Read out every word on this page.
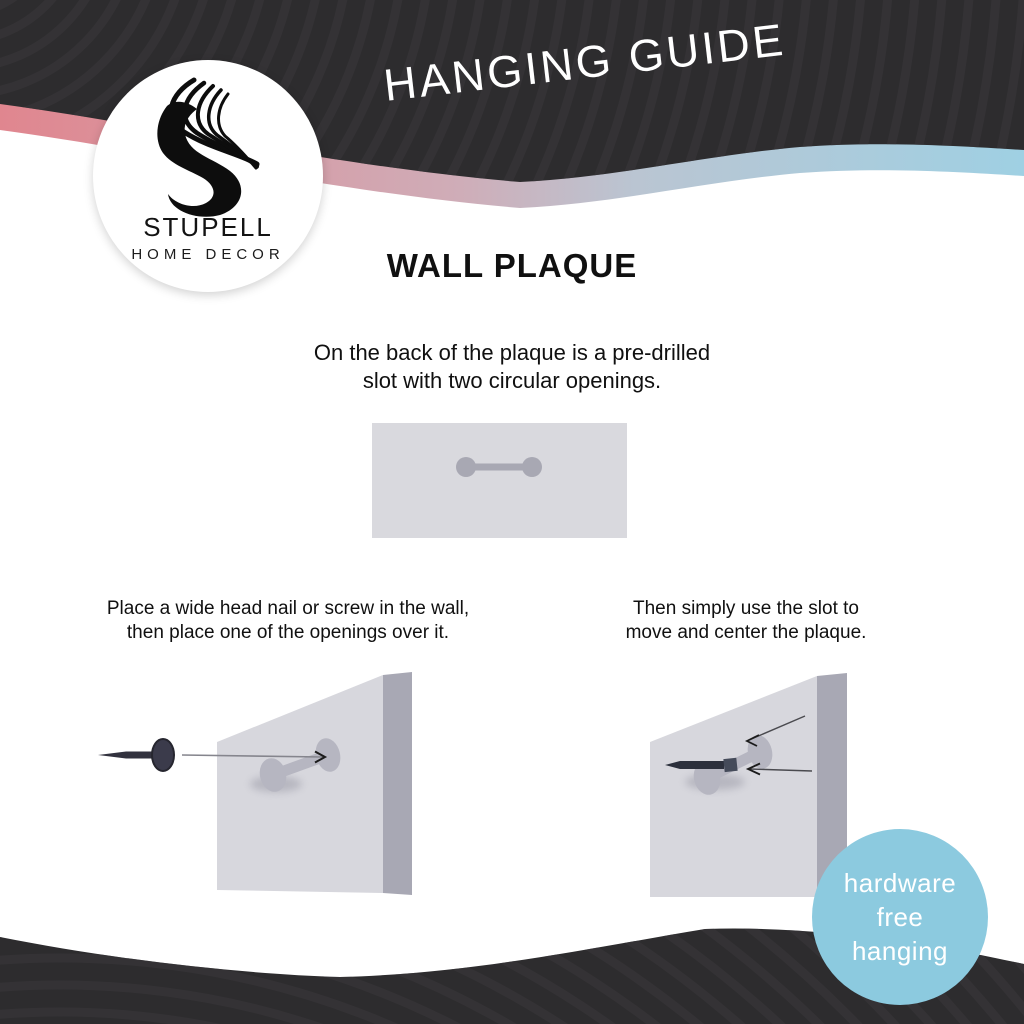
HANGING GUIDE
STUPELL
HOME DECOR	WALL PLAQUE
On the back of the plaque is a pre-drilled
slot with two circular openings.
Place a wide head nail or screw in the wall,
then place one of the openings over it.
Then simply use the slot to
move and center the plaque.
hardware
free
hanging
